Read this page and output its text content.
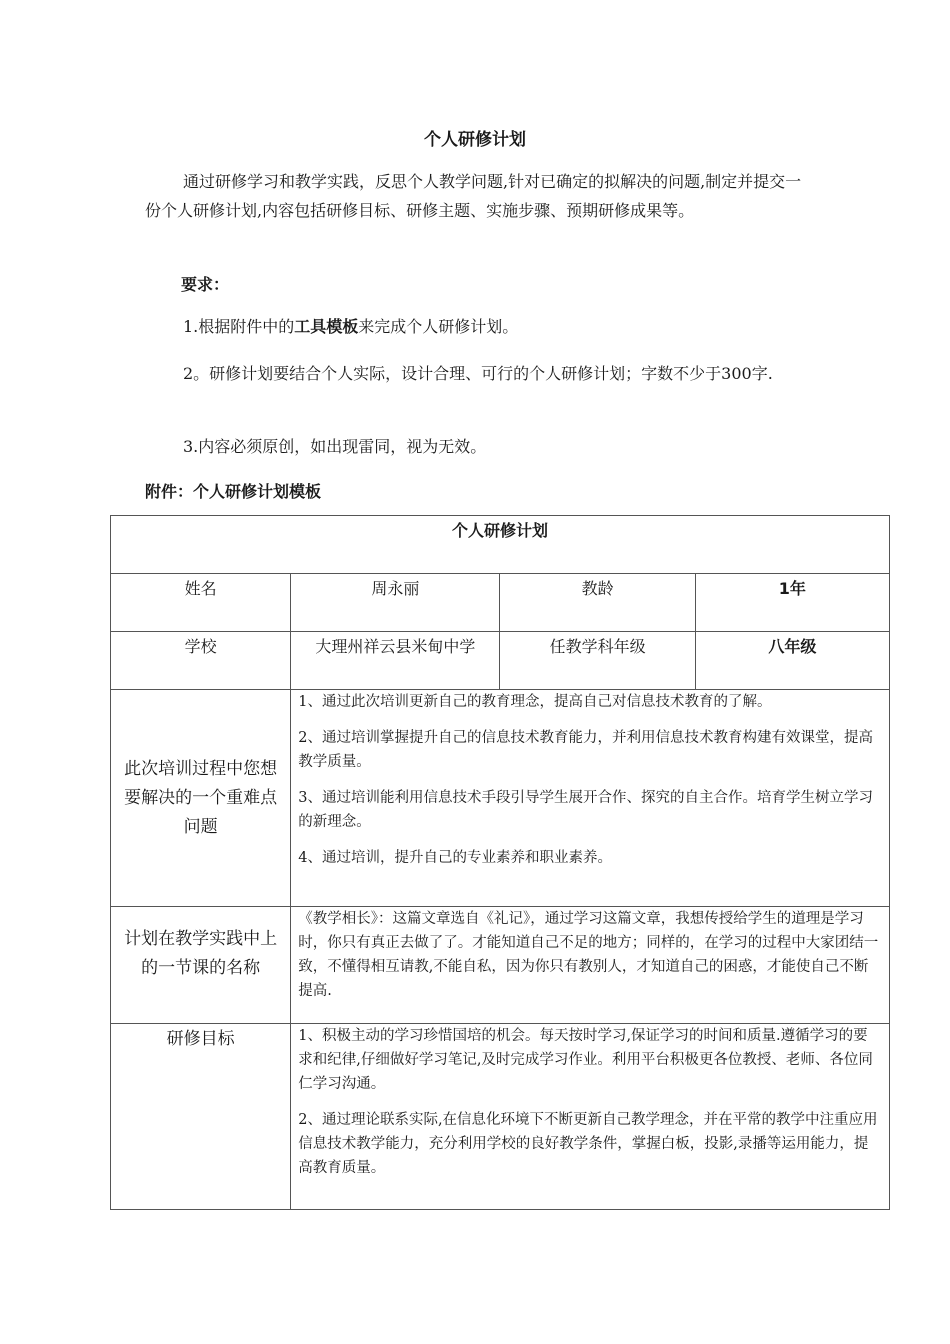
个人研修计划

通过研修学习和教学实践，反思个人教学问题,针对已确定的拟解决的问题,制定并提交一份个人研修计划,内容包括研修目标、研修主题、实施步骤、预期研修成果等。

要求：

1.根据附件中的工具模板来完成个人研修计划。

2。研修计划要结合个人实际，设计合理、可行的个人研修计划；字数不少于300字.

3.内容必须原创，如出现雷同，视为无效。

附件：个人研修计划模板
个人研修计划			
姓名	周永丽	教龄	1年
学校	大理州祥云县米甸中学	任教学科年级	八年级
此次培训过程中您想要解决的一个重难点问题	1、通过此次培训更新自己的教育理念，提高自己对信息技术教育的了解。

2、通过培训掌握提升自己的信息技术教育能力，并利用信息技术教育构建有效课堂，提高教学质量。

3、通过培训能利用信息技术手段引导学生展开合作、探究的自主合作。培育学生树立学习的新理念。

4、通过培训，提升自己的专业素养和职业素养。		

计划在教学实践中上的一节课的名称	《教学相长》：这篇文章选自《礼记》，通过学习这篇文章，我想传授给学生的道理是学习时，你只有真正去做了了。才能知道自己不足的地方；同样的，在学习的过程中大家团结一致，不懂得相互请教,不能自私，因为你只有教别人，才知道自己的困惑，才能使自己不断提高.		
研修目标	1、积极主动的学习珍惜国培的机会。每天按时学习,保证学习的时间和质量.遵循学习的要求和纪律,仔细做好学习笔记,及时完成学习作业。利用平台积极更各位教授、老师、各位同仁学习沟通。

2、通过理论联系实际,在信息化环境下不断更新自己教学理念，并在平常的教学中注重应用信息技术教学能力，充分利用学校的良好教学条件，掌握白板，投影,录播等运用能力，提高教育质量。		
